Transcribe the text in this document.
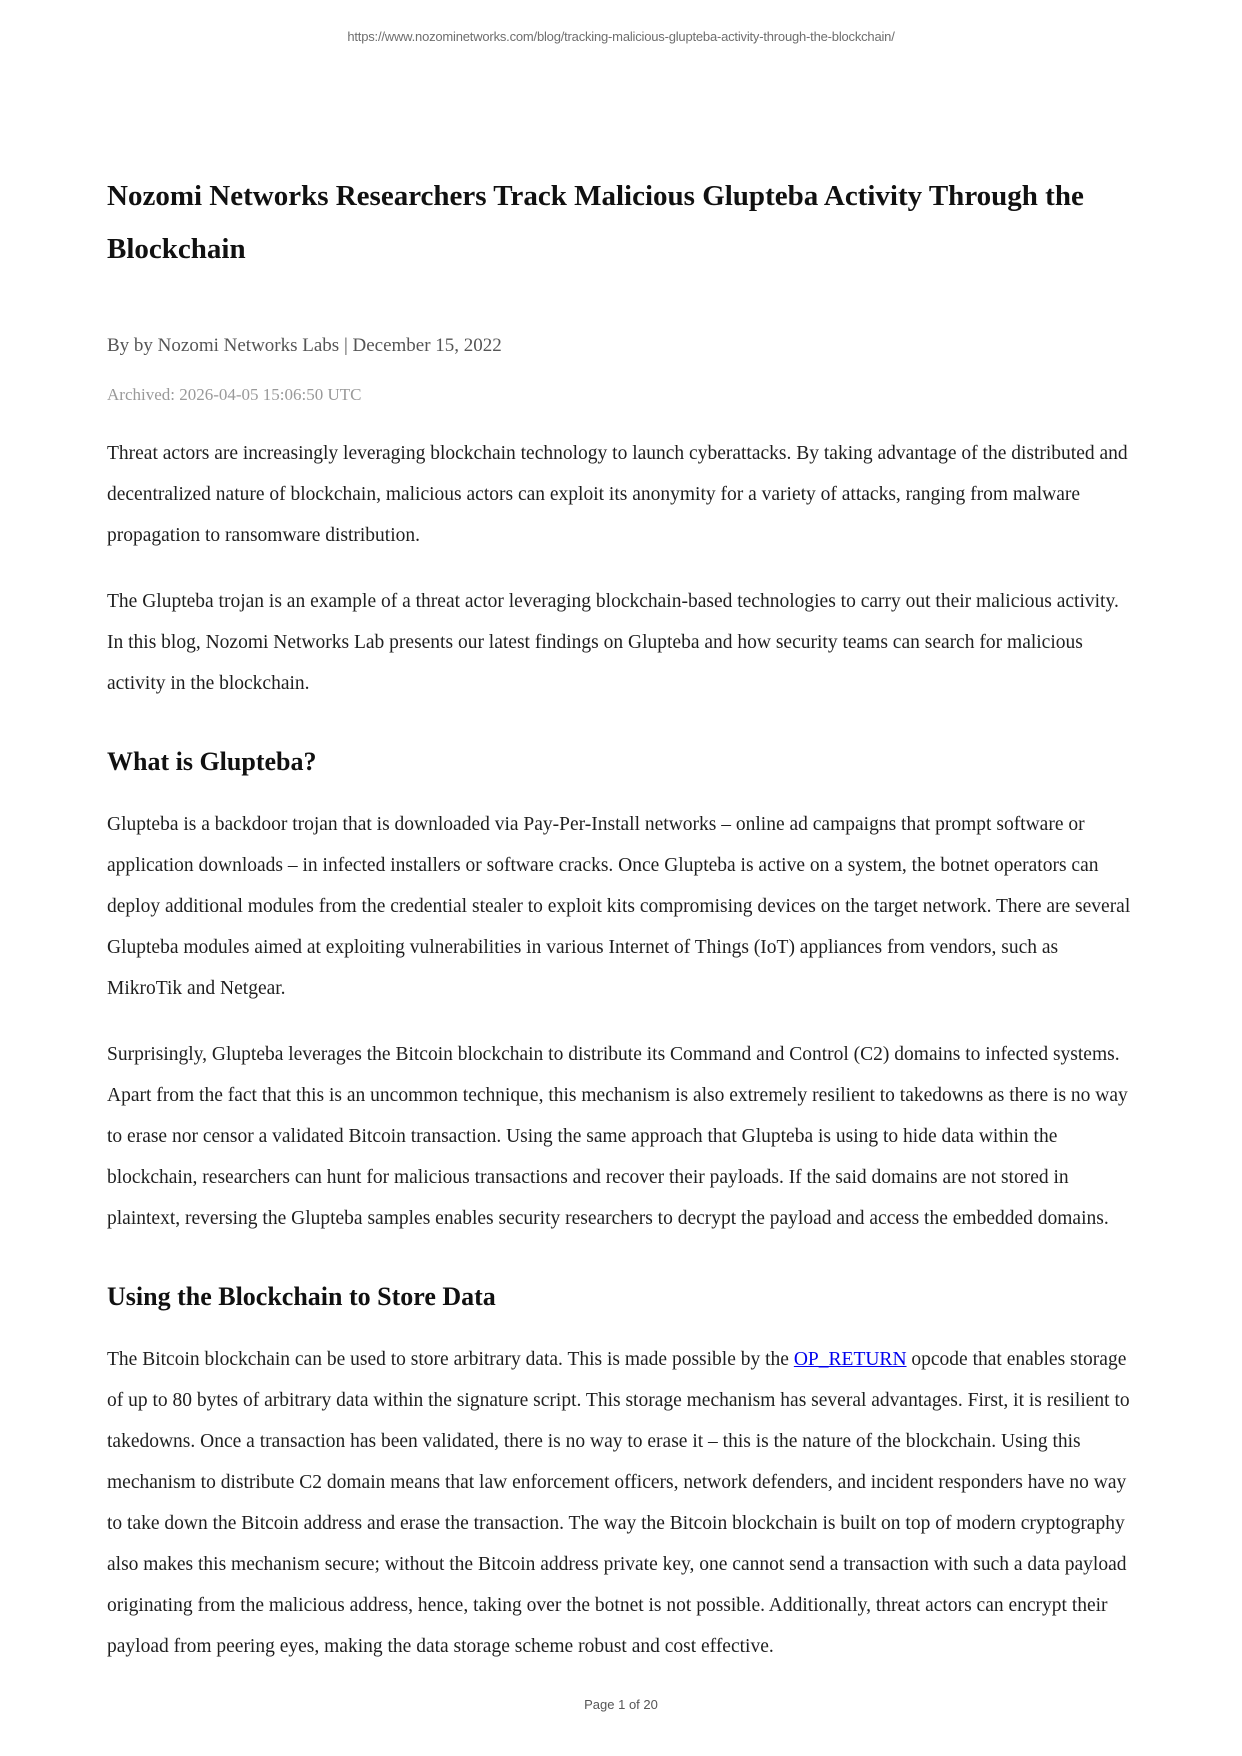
https://www.nozominetworks.com/blog/tracking-malicious-glupteba-activity-through-the-blockchain/
Nozomi Networks Researchers Track Malicious Glupteba Activity Through the Blockchain

By by Nozomi Networks Labs | December 15, 2022

Archived: 2026-04-05 15:06:50 UTC

Threat actors are increasingly leveraging blockchain technology to launch cyberattacks. By taking advantage of the distributed and decentralized nature of blockchain, malicious actors can exploit its anonymity for a variety of attacks, ranging from malware propagation to ransomware distribution.

The Glupteba trojan is an example of a threat actor leveraging blockchain-based technologies to carry out their malicious activity. In this blog, Nozomi Networks Lab presents our latest findings on Glupteba and how security teams can search for malicious activity in the blockchain.

What is Glupteba?

Glupteba is a backdoor trojan that is downloaded via Pay-Per-Install networks – online ad campaigns that prompt software or application downloads – in infected installers or software cracks. Once Glupteba is active on a system, the botnet operators can deploy additional modules from the credential stealer to exploit kits compromising devices on the target network. There are several Glupteba modules aimed at exploiting vulnerabilities in various Internet of Things (IoT) appliances from vendors, such as MikroTik and Netgear.

Surprisingly, Glupteba leverages the Bitcoin blockchain to distribute its Command and Control (C2) domains to infected systems. Apart from the fact that this is an uncommon technique, this mechanism is also extremely resilient to takedowns as there is no way to erase nor censor a validated Bitcoin transaction. Using the same approach that Glupteba is using to hide data within the blockchain, researchers can hunt for malicious transactions and recover their payloads. If the said domains are not stored in plaintext, reversing the Glupteba samples enables security researchers to decrypt the payload and access the embedded domains.

Using the Blockchain to Store Data

The Bitcoin blockchain can be used to store arbitrary data. This is made possible by the OP_RETURN opcode that enables storage of up to 80 bytes of arbitrary data within the signature script. This storage mechanism has several advantages. First, it is resilient to takedowns. Once a transaction has been validated, there is no way to erase it – this is the nature of the blockchain. Using this mechanism to distribute C2 domain means that law enforcement officers, network defenders, and incident responders have no way to take down the Bitcoin address and erase the transaction. The way the Bitcoin blockchain is built on top of modern cryptography also makes this mechanism secure; without the Bitcoin address private key, one cannot send a transaction with such a data payload originating from the malicious address, hence, taking over the botnet is not possible. Additionally, threat actors can encrypt their payload from peering eyes, making the data storage scheme robust and cost effective.

Page 1 of 20
